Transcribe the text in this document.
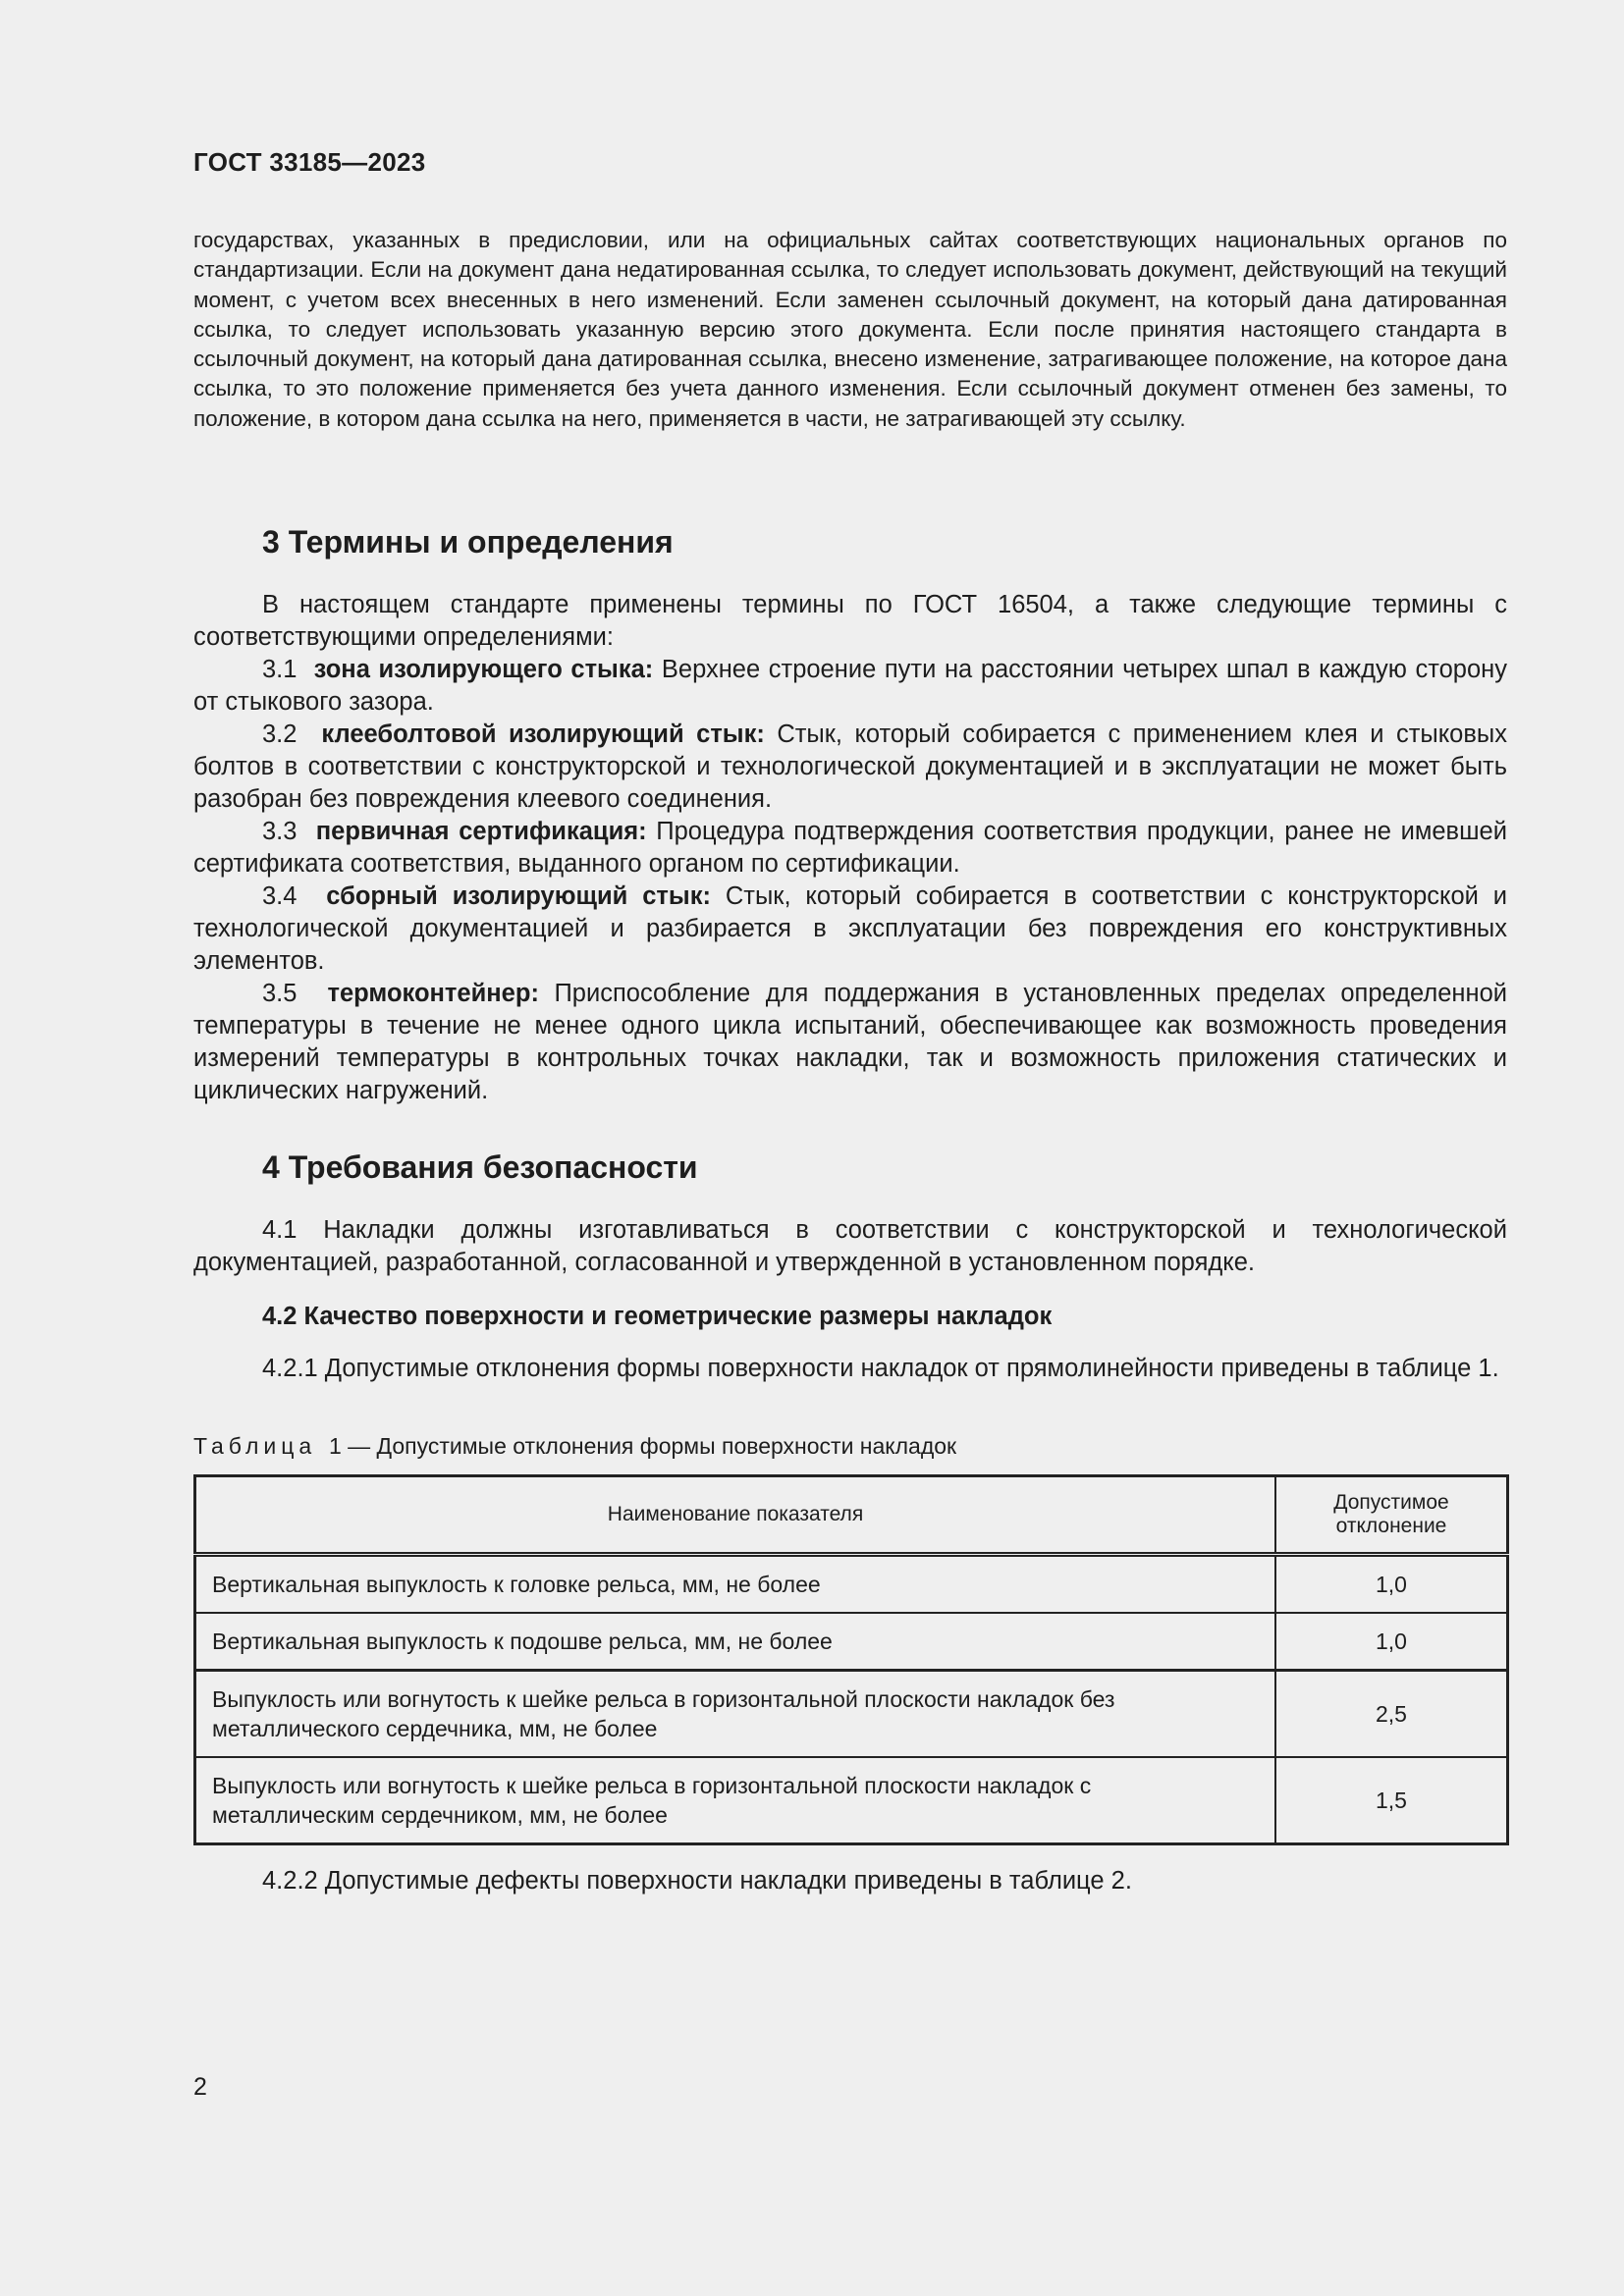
ГОСТ 33185—2023
государствах, указанных в предисловии, или на официальных сайтах соответствующих национальных органов по стандартизации. Если на документ дана недатированная ссылка, то следует использовать документ, действующий на текущий момент, с учетом всех внесенных в него изменений. Если заменен ссылочный документ, на который дана датированная ссылка, то следует использовать указанную версию этого документа. Если после принятия настоящего стандарта в ссылочный документ, на который дана датированная ссылка, внесено изменение, затрагивающее положение, на которое дана ссылка, то это положение применяется без учета данного изменения. Если ссылочный документ отменен без замены, то положение, в котором дана ссылка на него, применяется в части, не затрагивающей эту ссылку.
3 Термины и определения

В настоящем стандарте применены термины по ГОСТ 16504, а также следующие термины с соответствующими определениями:

3.1 зона изолирующего стыка: Верхнее строение пути на расстоянии четырех шпал в каждую сторону от стыкового зазора.

3.2 клееболтовой изолирующий стык: Стык, который собирается с применением клея и стыковых болтов в соответствии с конструкторской и технологической документацией и в эксплуатации не может быть разобран без повреждения клеевого соединения.

3.3 первичная сертификация: Процедура подтверждения соответствия продукции, ранее не имевшей сертификата соответствия, выданного органом по сертификации.

3.4 сборный изолирующий стык: Стык, который собирается в соответствии с конструкторской и технологической документацией и разбирается в эксплуатации без повреждения его конструктивных элементов.

3.5 термоконтейнер: Приспособление для поддержания в установленных пределах определенной температуры в течение не менее одного цикла испытаний, обеспечивающее как возможность проведения измерений температуры в контрольных точках накладки, так и возможность приложения статических и циклических нагружений.

4 Требования безопасности

4.1 Накладки должны изготавливаться в соответствии с конструкторской и технологической документацией, разработанной, согласованной и утвержденной в установленном порядке.

4.2 Качество поверхности и геометрические размеры накладок

4.2.1 Допустимые отклонения формы поверхности накладок от прямолинейности приведены в таблице 1.

Таблица 1 — Допустимые отклонения формы поверхности накладок
Наименование показателя	Допустимое
отклонение
Вертикальная выпуклость к головке рельса, мм, не более	1,0
Вертикальная выпуклость к подошве рельса, мм, не более	1,0
Выпуклость или вогнутость к шейке рельса в горизонтальной плоскости накладок без металлического сердечника, мм, не более	2,5
Выпуклость или вогнутость к шейке рельса в горизонтальной плоскости накладок с металлическим сердечником, мм, не более	1,5
4.2.2 Допустимые дефекты поверхности накладки приведены в таблице 2.
2
